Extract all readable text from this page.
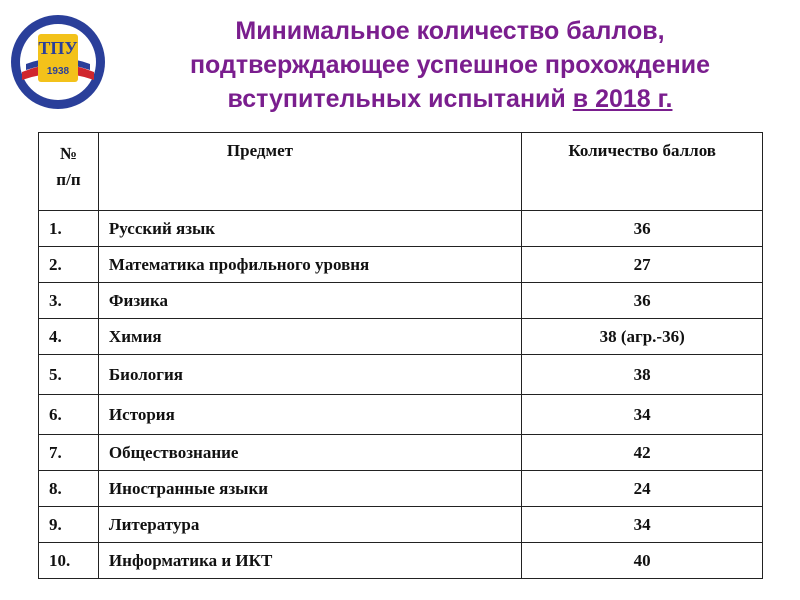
ТПУ
1938
Минимальное количество баллов,
подтверждающее успешное прохождение
вступительных испытаний в 2018 г.
№
п/п	Предмет	Количество баллов
1.	Русский язык	36
2.	Математика профильного уровня	27
3.	Физика	36
4.	Химия	38 (агр.-36)
5.	Биология	38
6.	История	34
7.	Обществознание	42
8.	Иностранные языки	24
9.	Литература	34
10.	Информатика и ИКТ	40
